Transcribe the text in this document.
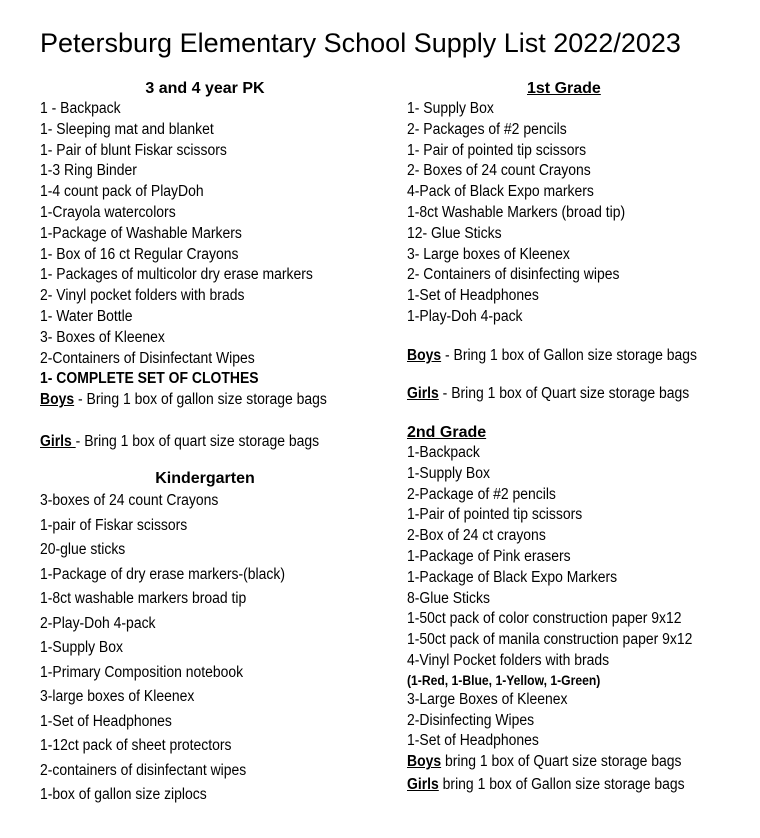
Petersburg Elementary School Supply List 2022/2023
3 and 4 year PK
1 - Backpack
1- Sleeping mat and blanket
1- Pair of blunt Fiskar scissors
1-3 Ring Binder
1-4 count pack of PlayDoh
1-Crayola watercolors
1-Package of Washable Markers
1- Box of 16 ct Regular Crayons
1- Packages of multicolor dry erase markers
2- Vinyl pocket folders with brads
1- Water Bottle
3- Boxes of Kleenex
2-Containers of Disinfectant Wipes
1- COMPLETE SET OF CLOTHES
Boys - Bring 1 box of gallon size storage bags
Girls - Bring 1 box of quart size storage bags
Kindergarten
3-boxes of 24 count Crayons
1-pair of Fiskar scissors
20-glue sticks
1-Package of dry erase markers-(black)
1-8ct washable markers broad tip
2-Play-Doh 4-pack
1-Supply Box
1-Primary Composition notebook
3-large boxes of Kleenex
1-Set of Headphones
1-12ct pack of sheet protectors
2-containers of disinfectant wipes
1-box of gallon size ziplocs
1st Grade
1- Supply Box
2- Packages of #2 pencils
1- Pair of pointed tip scissors
2- Boxes of 24 count Crayons
4-Pack of Black Expo markers
1-8ct Washable Markers (broad tip)
12- Glue Sticks
3- Large boxes of Kleenex
2- Containers of disinfecting wipes
1-Set of Headphones
1-Play-Doh 4-pack
Boys - Bring 1 box of Gallon size storage bags
Girls - Bring 1 box of Quart size storage bags
2nd Grade
1-Backpack
1-Supply Box
2-Package of #2 pencils
1-Pair of pointed tip scissors
2-Box of 24 ct crayons
1-Package of Pink erasers
1-Package of Black Expo Markers
8-Glue Sticks
1-50ct pack of color construction paper 9x12
1-50ct pack of manila construction paper 9x12
4-Vinyl Pocket folders with brads
(1-Red, 1-Blue, 1-Yellow, 1-Green)
3-Large Boxes of Kleenex
2-Disinfecting Wipes
1-Set of Headphones
Boys bring 1 box of Quart size storage bags
Girls bring 1 box of Gallon size storage bags
